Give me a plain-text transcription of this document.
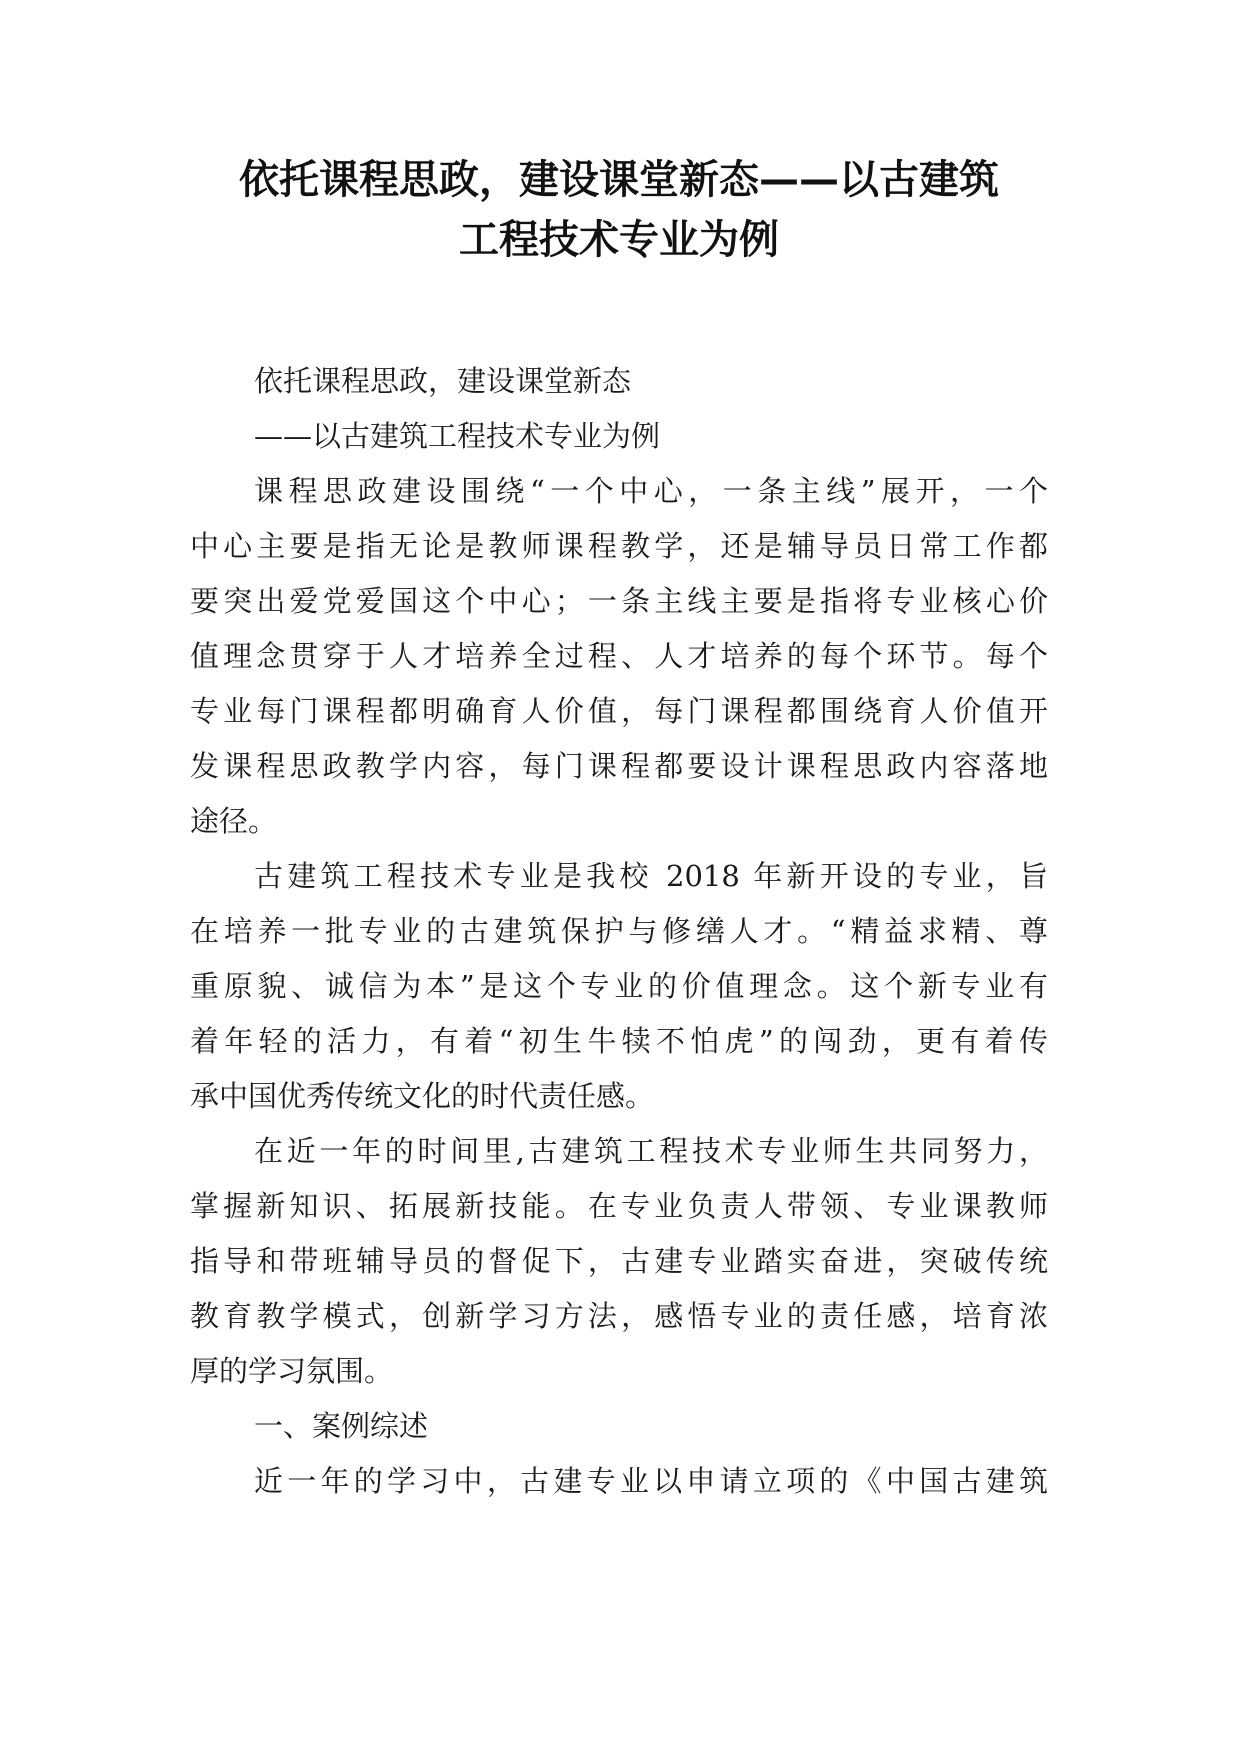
依托课程思政，建设课堂新态——以古建筑
工程技术专业为例
依托课程思政，建设课堂新态
——以古建筑工程技术专业为例
课程思政建设围绕“一个中心，一条主线”展开，一个
中心主要是指无论是教师课程教学，还是辅导员日常工作都
要突出爱党爱国这个中心；一条主线主要是指将专业核心价
值理念贯穿于人才培养全过程、人才培养的每个环节。每个
专业每门课程都明确育人价值，每门课程都围绕育人价值开
发课程思政教学内容，每门课程都要设计课程思政内容落地
途径。
古建筑工程技术专业是我校 2018 年新开设的专业，旨
在培养一批专业的古建筑保护与修缮人才。“精益求精、尊
重原貌、诚信为本”是这个专业的价值理念。这个新专业有
着年轻的活力，有着“初生牛犊不怕虎”的闯劲，更有着传
承中国优秀传统文化的时代责任感。
在近一年的时间里,古建筑工程技术专业师生共同努力，
掌握新知识、拓展新技能。在专业负责人带领、专业课教师
指导和带班辅导员的督促下，古建专业踏实奋进，突破传统
教育教学模式，创新学习方法，感悟专业的责任感，培育浓
厚的学习氛围。
一、案例综述
近一年的学习中，古建专业以申请立项的《中国古建筑
